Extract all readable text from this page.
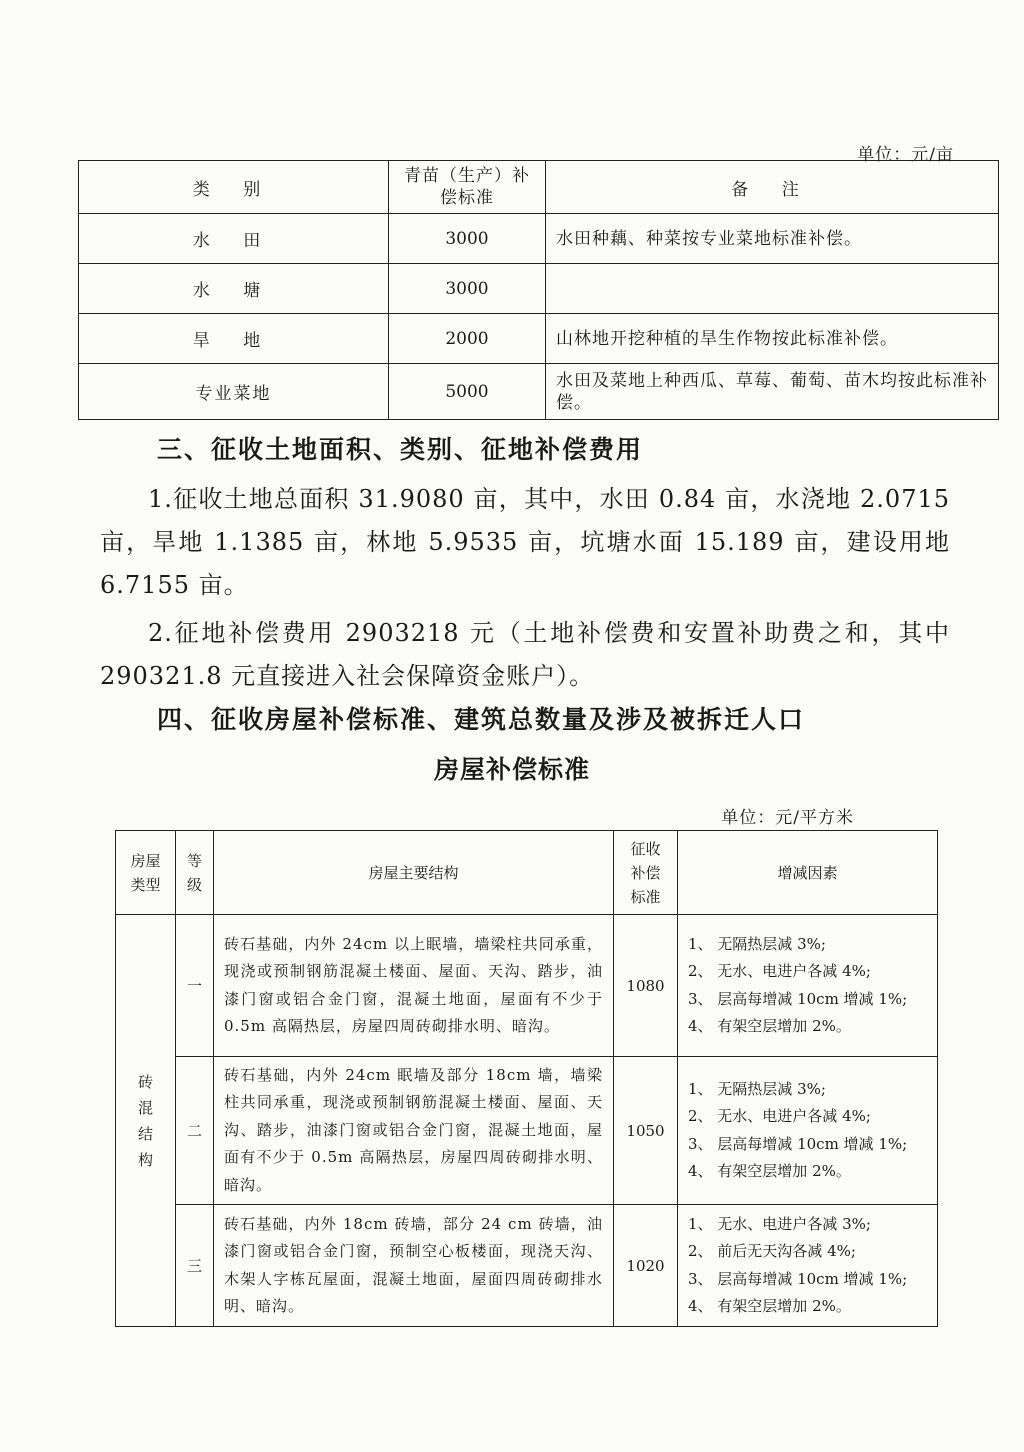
单位：元/亩
类 别	青苗（生产）补偿标准	备 注
水 田	3000	水田种藕、种菜按专业菜地标准补偿。
水 塘	3000	
旱 地	2000	山林地开挖种植的旱生作物按此标准补偿。
专业菜地	5000	水田及菜地上种西瓜、草莓、葡萄、苗木均按此标准补偿。
三、征收土地面积、类别、征地补偿费用
1.征收土地总面积 31.9080 亩，其中，水田 0.84 亩，水浇地 2.0715 亩，旱地 1.1385 亩，林地 5.9535 亩，坑塘水面 15.189 亩，建设用地 6.7155 亩。
2.征地补偿费用 2903218 元（土地补偿费和安置补助费之和，其中 290321.8 元直接进入社会保障资金账户）。
四、征收房屋补偿标准、建筑总数量及涉及被拆迁人口
房屋补偿标准
单位：元/平方米
房屋类型	等级	房屋主要结构	征收补偿标准	增减因素
砖混结构	一	砖石基础，内外 24cm 以上眠墙，墙梁柱共同承重，现浇或预制钢筋混凝土楼面、屋面、天沟、踏步，油漆门窗或铝合金门窗，混凝土地面，屋面有不少于 0.5m 高隔热层，房屋四周砖砌排水明、暗沟。	1080	1、 无隔热层减 3%;
2、 无水、电进户各减 4%;
3、 层高每增减 10cm 增减 1%;
4、 有架空层增加 2%。

	二	砖石基础，内外 24cm 眠墙及部分 18cm 墙，墙梁柱共同承重，现浇或预制钢筋混凝土楼面、屋面、天沟、踏步，油漆门窗或铝合金门窗，混凝土地面，屋面有不少于 0.5m 高隔热层，房屋四周砖砌排水明、暗沟。	1050	1、 无隔热层减 3%;
2、 无水、电进户各减 4%;
3、 层高每增减 10cm 增减 1%;
4、 有架空层增加 2%。

	三	砖石基础，内外 18cm 砖墙，部分 24 cm 砖墙，油漆门窗或铝合金门窗，预制空心板楼面，现浇天沟、木架人字栋瓦屋面，混凝土地面，屋面四周砖砌排水明、暗沟。	1020	1、 无水、电进户各减 3%;
2、 前后无天沟各减 4%;
3、 层高每增减 10cm 增减 1%;
4、 有架空层增加 2%。
